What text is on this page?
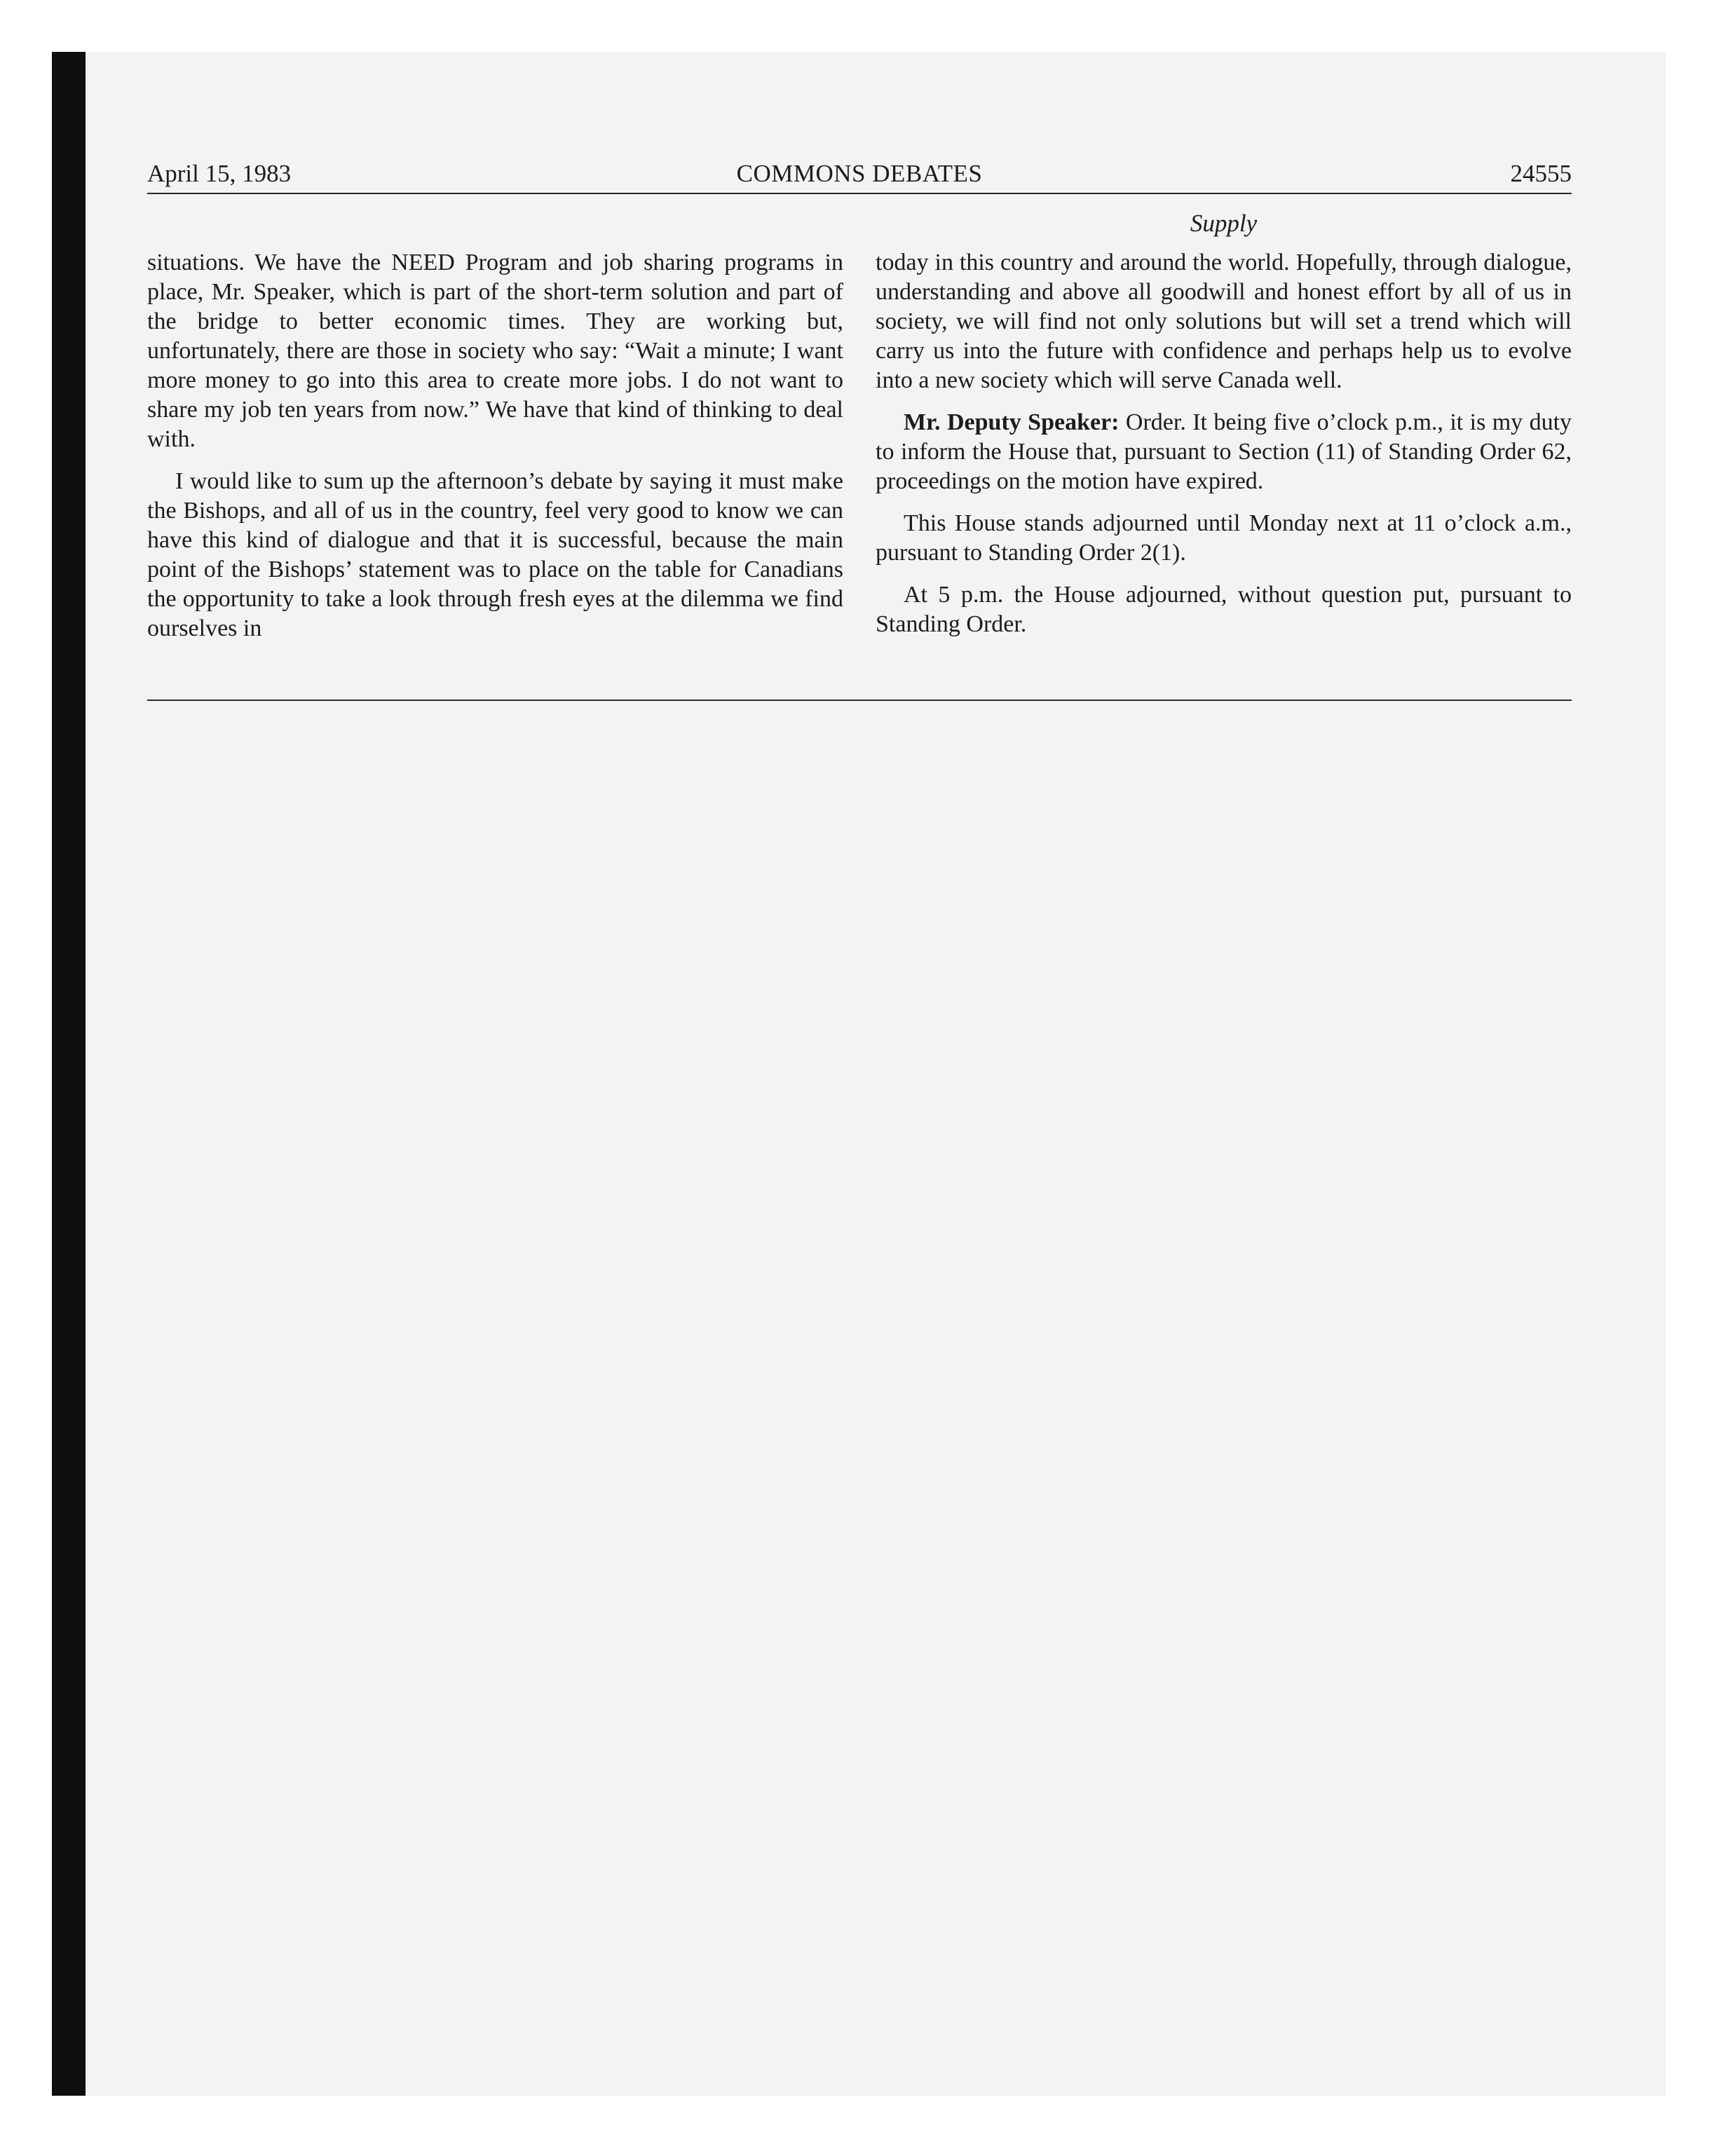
April 15, 1983	COMMONS DEBATES	24555
Supply

situations. We have the NEED Program and job sharing programs in place, Mr. Speaker, which is part of the short-term solution and part of the bridge to better economic times. They are working but, unfortunately, there are those in society who say: “Wait a minute; I want more money to go into this area to create more jobs. I do not want to share my job ten years from now.” We have that kind of thinking to deal with.

I would like to sum up the afternoon’s debate by saying it must make the Bishops, and all of us in the country, feel very good to know we can have this kind of dialogue and that it is successful, because the main point of the Bishops’ statement was to place on the table for Canadians the opportunity to take a look through fresh eyes at the dilemma we find ourselves in

today in this country and around the world. Hopefully, through dialogue, understanding and above all goodwill and honest effort by all of us in society, we will find not only solutions but will set a trend which will carry us into the future with confidence and perhaps help us to evolve into a new society which will serve Canada well.

Mr. Deputy Speaker: Order. It being five o’clock p.m., it is my duty to inform the House that, pursuant to Section (11) of Standing Order 62, proceedings on the motion have expired.

This House stands adjourned until Monday next at 11 o’clock a.m., pursuant to Standing Order 2(1).

At 5 p.m. the House adjourned, without question put, pursuant to Standing Order.
